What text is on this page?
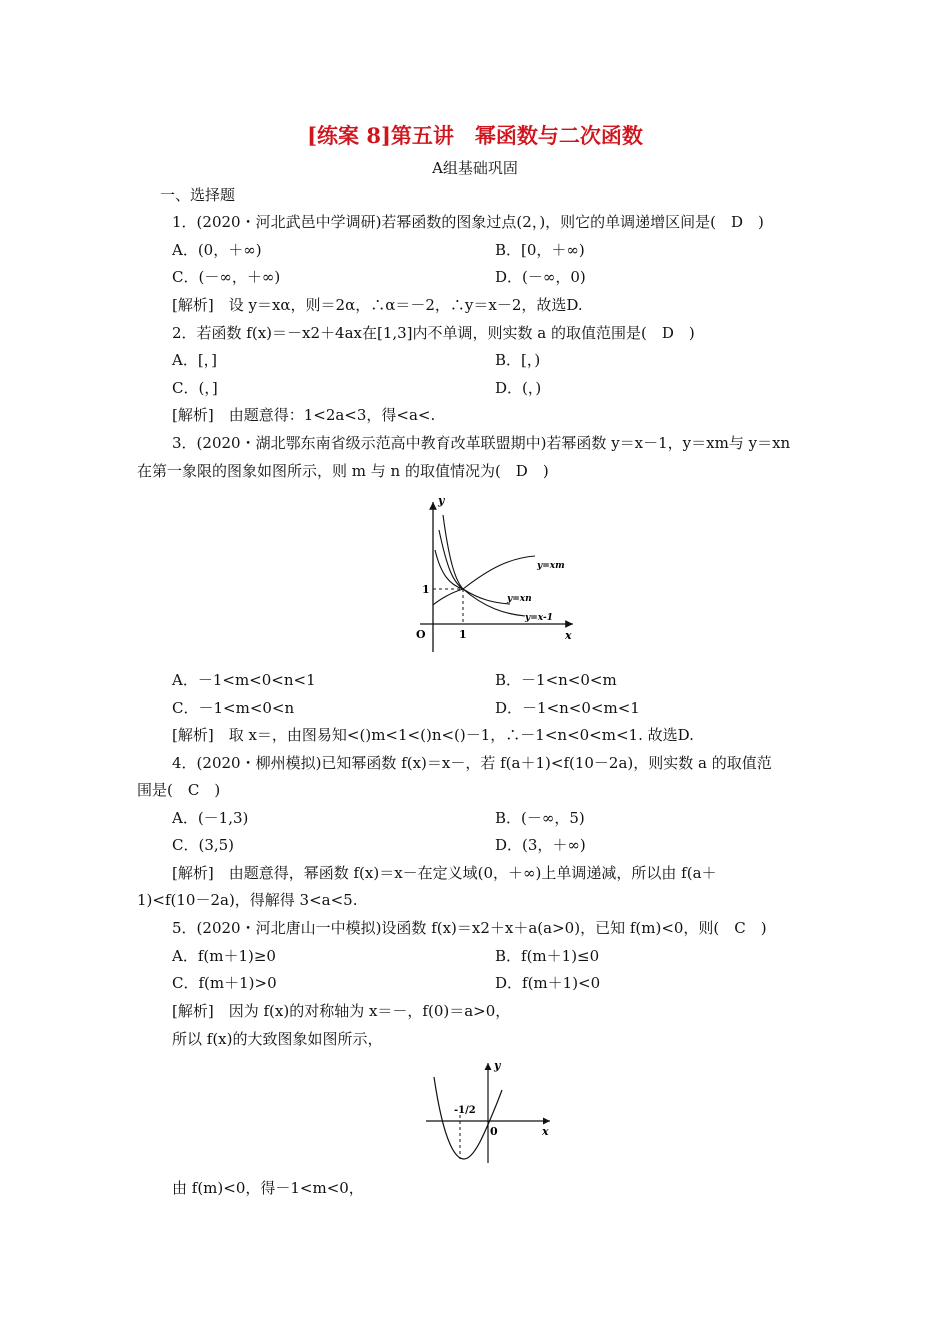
[练案 8]第五讲　幂函数与二次函数
A组基础巩固
一、选择题
1．(2020・河北武邑中学调研)若幂函数的图象过点(2，)，则它的单调递增区间是(　D　)
A．(0，＋∞)	B．[0，＋∞)
C．(－∞，＋∞)	D．(－∞，0)
[解析]　设 y＝xα，则＝2α，∴α＝－2，∴y＝x－2，故选D.
2．若函数 f(x)＝－x2＋4ax在[1,3]内不单调，则实数 a 的取值范围是(　D　)
A．[，]	B．[，)
C．(，]	D．(，)
[解析]　由题意得：1<2a<3，得<a<.
3．(2020・湖北鄂东南省级示范高中教育改革联盟期中)若幂函数 y＝x－1，y＝xm与 y＝xn
在第一象限的图象如图所示，则 m 与 n 的取值情况为(　D　)
y
x
O	1
1
y=xm
y=xn
y=x-1
A．－1<m<0<n<1	B．－1<n<0<m
C．－1<m<0<n	D．－1<n<0<m<1
[解析]　取 x＝，由图易知<()m<1<()n<()－1，∴－1<n<0<m<1. 故选D.
4．(2020・柳州模拟)已知幂函数 f(x)＝x－，若 f(a＋1)<f(10－2a)，则实数 a 的取值范
围是(　C　)
A．(－1,3)	B．(－∞，5)
C．(3,5)	D．(3，＋∞)
[解析]　由题意得，幂函数 f(x)＝x－在定义域(0，＋∞)上单调递减，所以由 f(a＋
1)<f(10－2a)，得解得 3<a<5.
5．(2020・河北唐山一中模拟)设函数 f(x)＝x2＋x＋a(a>0)，已知 f(m)<0，则(　C　)
A．f(m＋1)≥0	B．f(m＋1)≤0
C．f(m＋1)>0	D．f(m＋1)<0
[解析]　因为 f(x)的对称轴为 x＝－，f(0)＝a>0，
所以 f(x)的大致图象如图所示，
y
x
0
-1/2
由 f(m)<0，得－1<m<0，
